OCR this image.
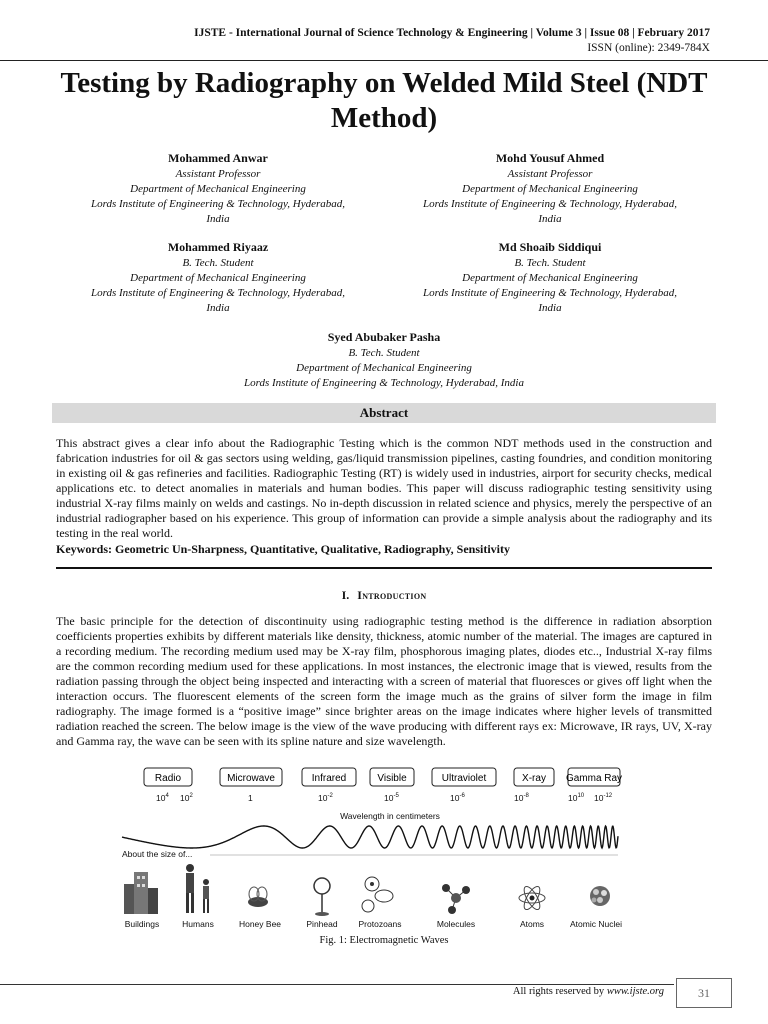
IJSTE - International Journal of Science Technology & Engineering | Volume 3 | Issue 08 | February 2017
ISSN (online): 2349-784X
Testing by Radiography on Welded Mild Steel (NDT Method)
Mohammed Anwar
Assistant Professor
Department of Mechanical Engineering
Lords Institute of Engineering & Technology, Hyderabad,
India
Mohd Yousuf Ahmed
Assistant Professor
Department of Mechanical Engineering
Lords Institute of Engineering & Technology, Hyderabad,
India
Mohammed Riyaaz
B. Tech. Student
Department of Mechanical Engineering
Lords Institute of Engineering & Technology, Hyderabad,
India
Md Shoaib Siddiqui
B. Tech. Student
Department of Mechanical Engineering
Lords Institute of Engineering & Technology, Hyderabad,
India
Syed Abubaker Pasha
B. Tech. Student
Department of Mechanical Engineering
Lords Institute of Engineering & Technology, Hyderabad, India
Abstract
This abstract gives a clear info about the Radiographic Testing which is the common NDT methods used in the construction and fabrication industries for oil & gas sectors using welding, gas/liquid transmission pipelines, casting foundries, and condition monitoring in existing oil & gas refineries and facilities. Radiographic Testing (RT) is widely used in industries, airport for security checks, medical applications etc. to detect anomalies in materials and human bodies. This paper will discuss radiographic testing sensitivity using industrial X-ray films mainly on welds and castings. No in-depth discussion in related science and physics, merely the perspective of an industrial radiographer based on his experience. This group of information can provide a simple analysis about the radiography and its testing in the real world.
Keywords: Geometric Un-Sharpness, Quantitative, Qualitative, Radiography, Sensitivity
I. Introduction
The basic principle for the detection of discontinuity using radiographic testing method is the difference in radiation absorption coefficients properties exhibits by different materials like density, thickness, atomic number of the material. The images are captured in a recording medium. The recording medium used may be X-ray film, phosphorous imaging plates, diodes etc.., Industrial X-ray films are the common recording medium used for these applications. In most instances, the electronic image that is viewed, results from the radiation passing through the object being inspected and interacting with a screen of material that fluoresces or gives off light when the interaction occurs. The fluorescent elements of the screen form the image much as the grains of silver form the image in film radiography. The image formed is a “positive image” since brighter areas on the image indicates where higher levels of transmitted radiation reached the screen. The below image is the view of the wave producing with different rays ex: Microwave, IR rays, UV, X-ray and Gamma ray, the wave can be seen with its spline nature and size wavelength.
Radio	Microwave	Infrared	Visible	Ultraviolet	X-ray Gamma Ray
$10^4$ $10^2$	1	$10^{-2}$	$10^{-5}$	$10^{-6}$	$10^{-8}$	$10^{10}$ $10^{-12}$
Wavelength in centimeters
About the size of...
Buildings	Humans	Honey Bee	Pinhead Protozoans	Molecules	Atoms	Atomic Nuclei
Fig. 1: Electromagnetic Waves
All rights reserved by www.ijste.org	31
